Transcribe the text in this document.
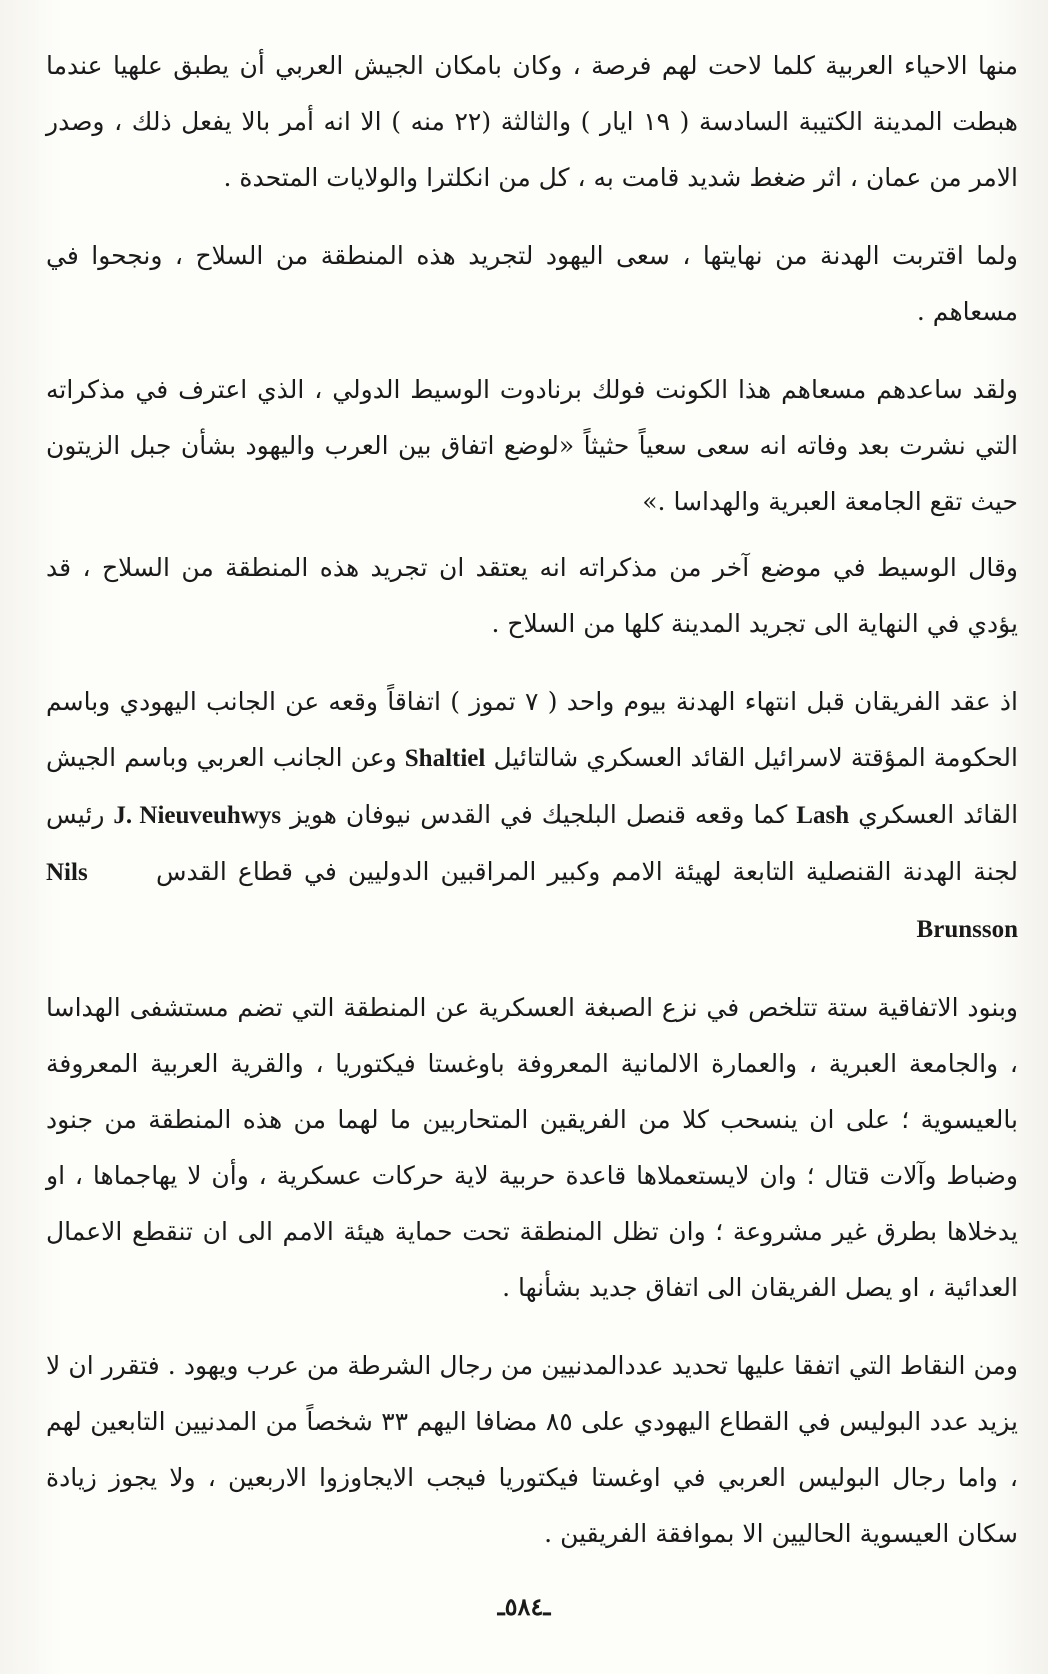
منها الاحياء العربية كلما لاحت لهم فرصة ، وكان بامكان الجيش العربي أن يطبق علهيا عندما هبطت المدينة الكتيبة السادسة ( ١٩ ايار ) والثالثة (٢٢ منه ) الا انه أمر بالا يفعل ذلك ، وصدر الامر من عمان ، اثر ضغط شديد قامت به ، كل من انكلترا والولايات المتحدة .

ولما اقتربت الهدنة من نهايتها ، سعى اليهود لتجريد هذه المنطقة من السلاح ، ونجحوا في مسعاهم .

ولقد ساعدهم مسعاهم هذا الكونت فولك برنادوت الوسيط الدولي ، الذي اعترف في مذكراته التي نشرت بعد وفاته انه سعى سعياً حثيثاً «لوضع اتفاق بين العرب واليهود بشأن جبل الزيتون حيث تقع الجامعة العبرية والهداسا .»

وقال الوسيط في موضع آخر من مذكراته انه يعتقد ان تجريد هذه المنطقة من السلاح ، قد يؤدي في النهاية الى تجريد المدينة كلها من السلاح .

اذ عقد الفريقان قبل انتهاء الهدنة بيوم واحد ( ٧ تموز ) اتفاقاً وقعه عن الجانب اليهودي وباسم الحكومة المؤقتة لاسرائيل القائد العسكري شالتائيل Shaltiel وعن الجانب العربي وباسم الجيش القائد العسكري Lash كما وقعه قنصل البلجيك في القدس نيوفان هويز J. Nieuveuhwys رئيس لجنة الهدنة القنصلية التابعة لهيئة الامم وكبير المراقبين الدوليين في قطاع القدس  Nils Brunsson

وبنود الاتفاقية ستة تتلخص في نزع الصبغة العسكرية عن المنطقة التي تضم مستشفى الهداسا ، والجامعة العبرية ، والعمارة الالمانية المعروفة باوغستا فيكتوريا ، والقرية العربية المعروفة بالعيسوية ؛ على ان ينسحب كلا من الفريقين المتحاربين ما لهما من هذه المنطقة من جنود وضباط وآلات قتال ؛ وان لايستعملاها قاعدة حربية لاية حركات عسكرية ، وأن لا يهاجماها ، او يدخلاها بطرق غير مشروعة ؛ وان تظل المنطقة تحت حماية هيئة الامم الى ان تنقطع الاعمال العدائية ، او يصل الفريقان الى اتفاق جديد بشأنها .

ومن النقاط التي اتفقا عليها تحديد عددالمدنيين من رجال الشرطة من عرب ويهود . فتقرر ان لا يزيد عدد البوليس في القطاع اليهودي على ٨٥ مضافا اليهم ٣٣ شخصاً من المدنيين التابعين لهم ، واما رجال البوليس العربي في اوغستا فيكتوريا فيجب الايجاوزوا الاربعين ، ولا يجوز زيادة سكان العيسوية الحاليين الا بموافقة الفريقين .

ـ٥٨٤ـ
